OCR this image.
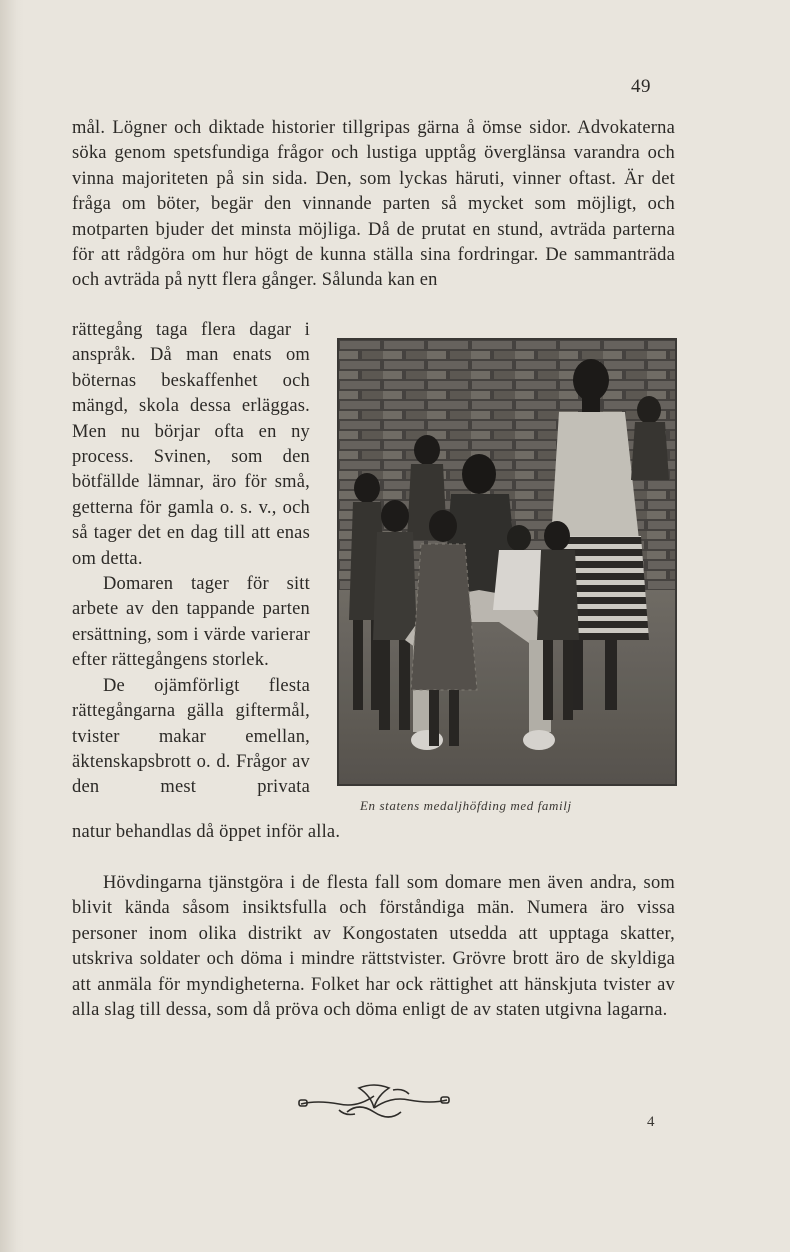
49
mål. Lögner och diktade historier tillgripas gärna å ömse sidor. Advokaterna söka genom spetsfundiga frågor och lustiga upptåg överglänsa varandra och vinna majoriteten på sin sida. Den, som lyckas häruti, vinner oftast. Är det fråga om böter, begär den vinnande parten så mycket som möjligt, och motparten bjuder det minsta möjliga. Då de prutat en stund, avträda parterna för att rådgöra om hur högt de kunna ställa sina fordringar. De sammanträda och avträda på nytt flera gånger. Sålunda kan en
rättegång taga flera dagar i anspråk. Då man enats om böternas beskaffenhet och mängd, skola dessa erläggas. Men nu börjar ofta en ny process. Svinen, som den bötfällde lämnar, äro för små, getterna för gamla o. s. v., och så tager det en dag till att enas om detta.
Domaren tager för sitt arbete av den tappande parten ersättning, som i värde varierar efter rättegångens storlek.
De ojämförligt flesta rättegångarna gälla giftermål, tvister makar emellan, äktenskapsbrott o. d. Frågor av den mest privata
natur behandlas då öppet inför alla.
Hövdingarna tjänstgöra i de flesta fall som domare men även andra, som blivit kända såsom insiktsfulla och förståndiga män. Numera äro vissa personer inom olika distrikt av Kongostaten utsedda att upptaga skatter, utskriva soldater och döma i mindre rättstvister. Grövre brott äro de skyldiga att anmäla för myndigheterna. Folket har ock rättighet att hänskjuta tvister av alla slag till dessa, som då pröva och döma enligt de av staten utgivna lagarna.
En statens medaljhöfding med familj
4
